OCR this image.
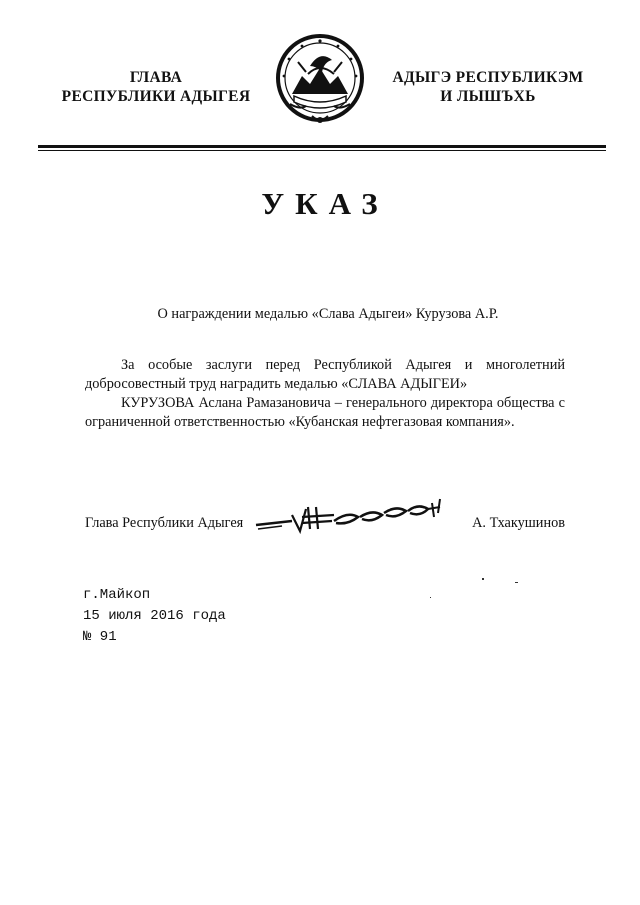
ГЛАВА
РЕСПУБЛИКИ АДЫГЕЯ
АДЫГЭ РЕСПУБЛИКЭМ
И ЛЫШЪХЬ
УКАЗ
О награждении медалью «Слава Адыгеи» Курузова А.Р.

За особые заслуги перед Республикой Адыгея и многолетний добросовестный труд наградить медалью «СЛАВА АДЫГЕИ»

КУРУЗОВА Аслана Рамазановича – генерального директора общества с ограниченной ответственностью «Кубанская нефтегазовая компания».

Глава Республики Адыгея	А. Тхакушинов
г.Майкоп
15 июля 2016 года
№ 91
